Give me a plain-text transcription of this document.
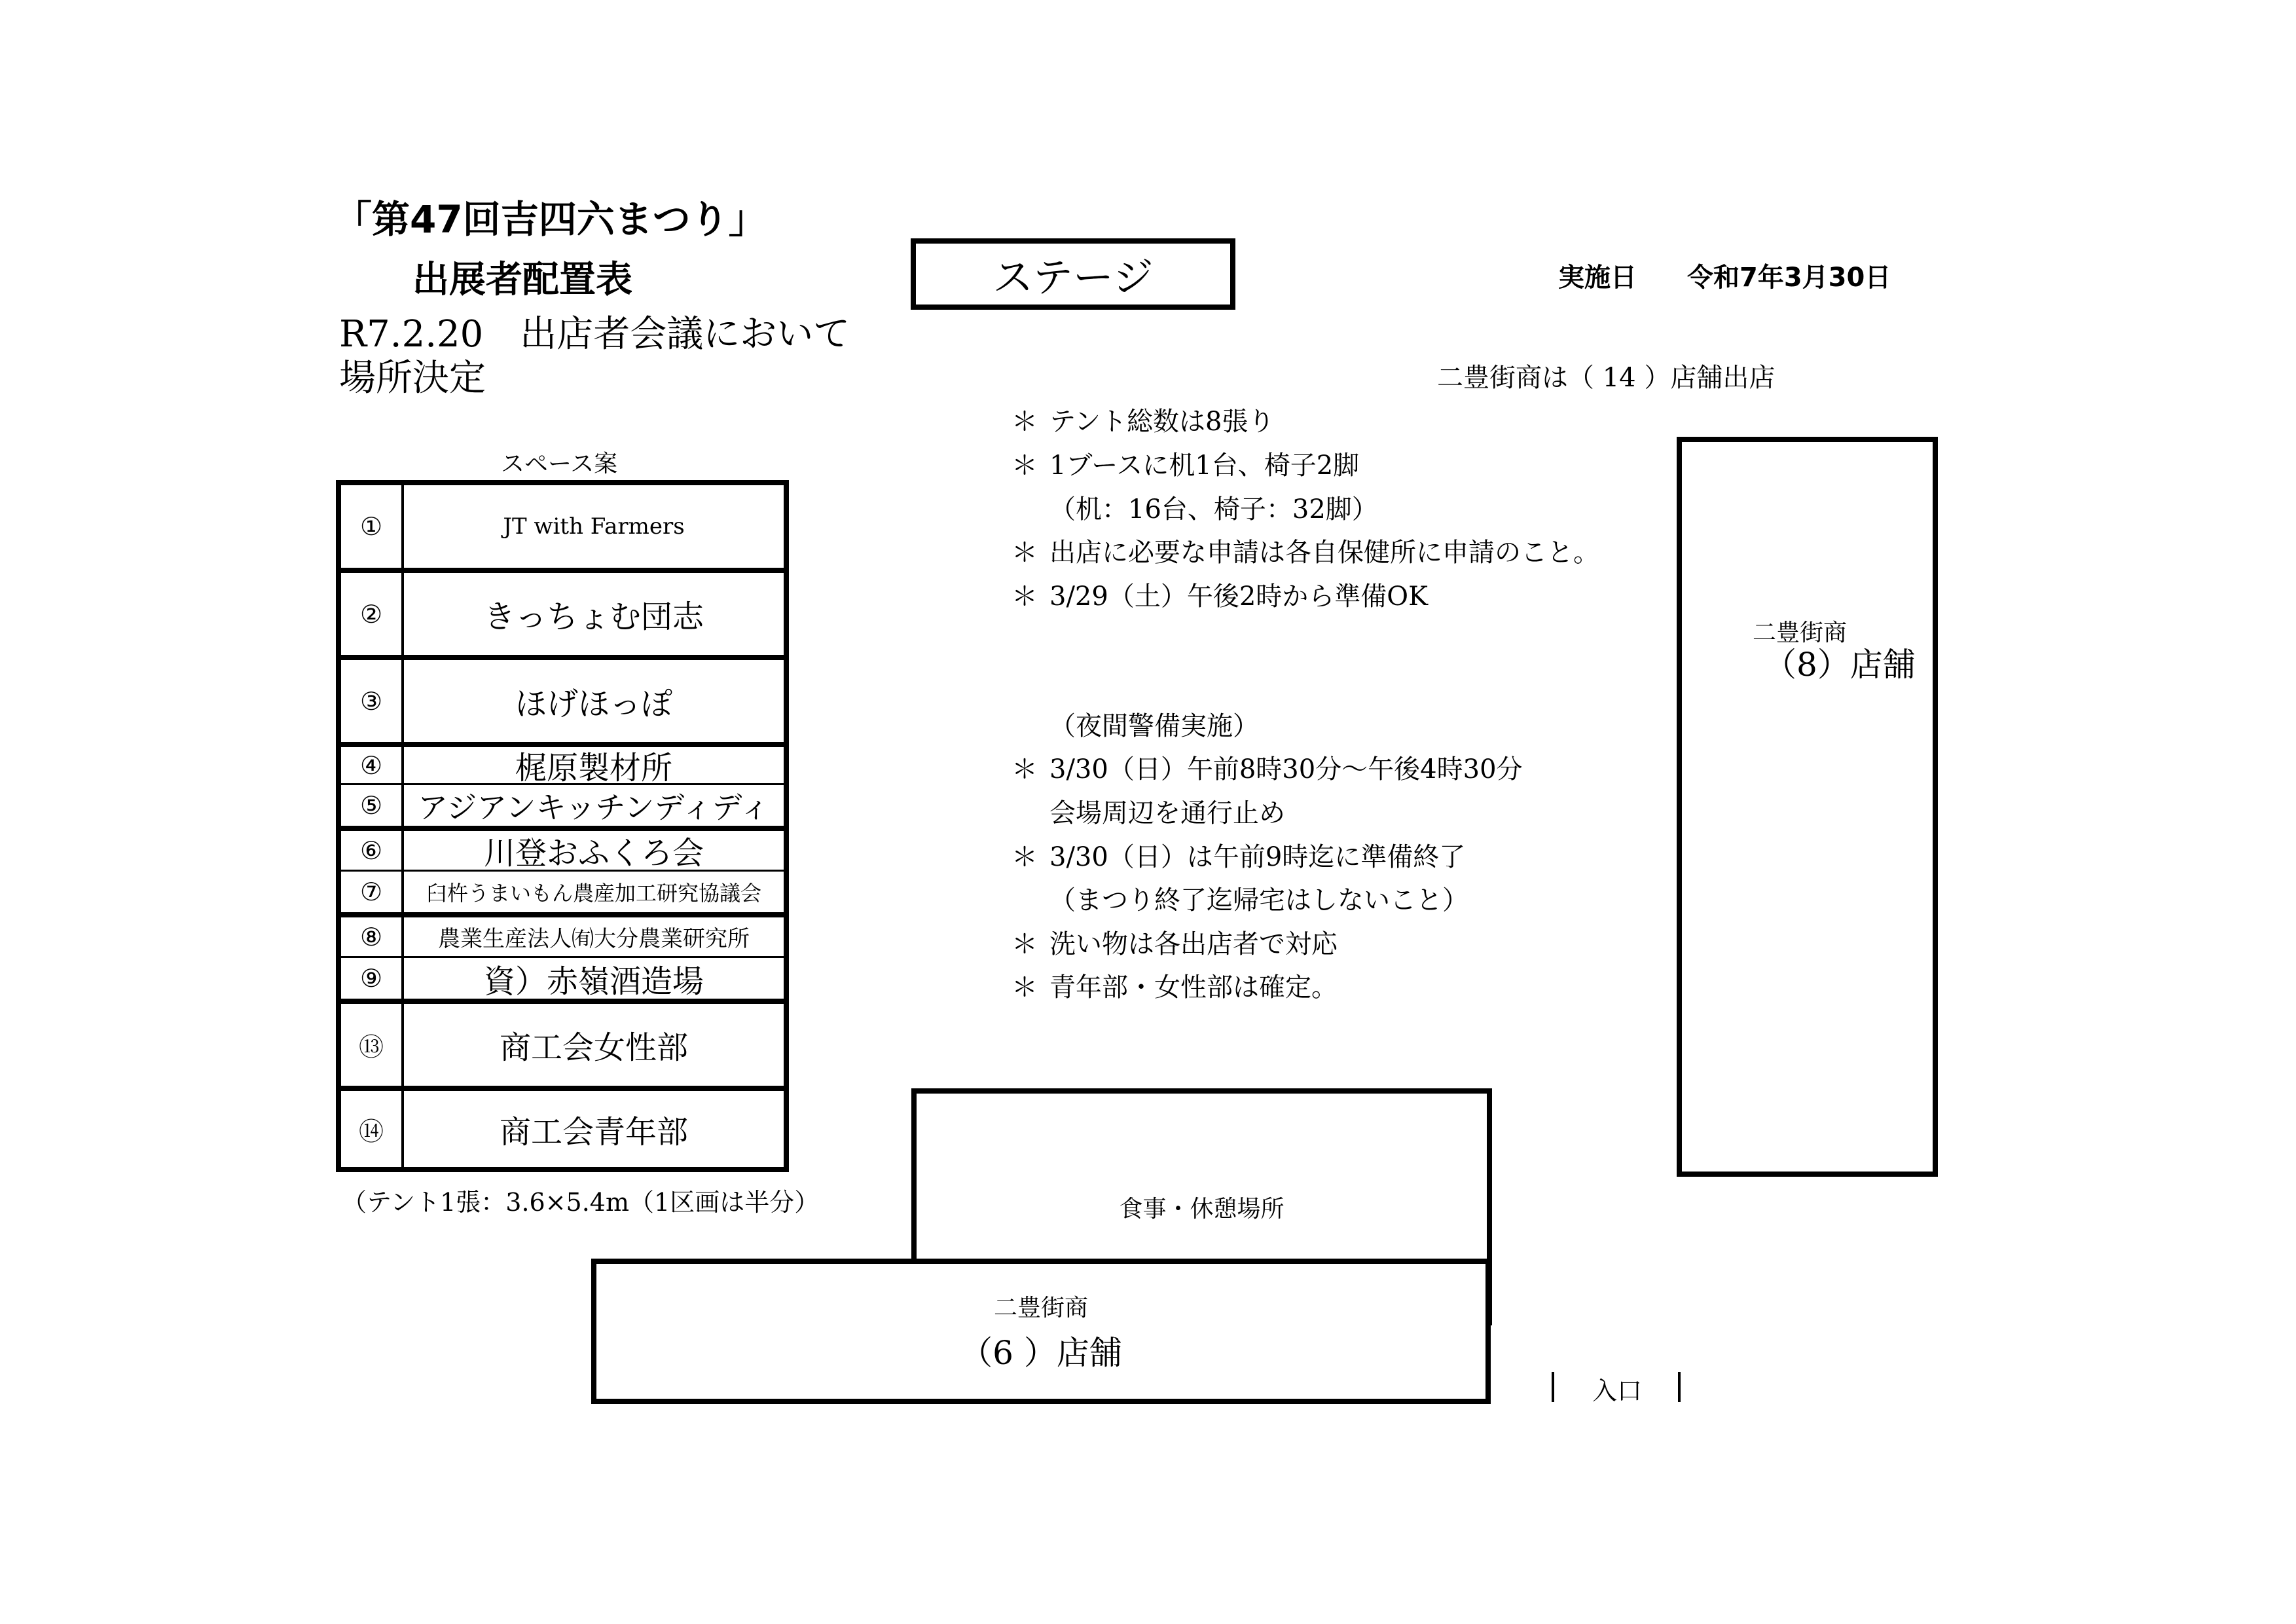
「第47回吉四六まつり」
出展者配置表
R7.2.20　出店者会議において
場所決定
ステージ	実施日 令和7年3月30日
二豊街商は（ 14 ）店舗出店
＊ テント総数は8張り
＊ 1ブースに机1台、椅子2脚
（机：16台、椅子：32脚）
＊ 出店に必要な申請は各自保健所に申請のこと。
＊ 3/29（土）午後2時から準備OK
（夜間警備実施）
＊ 3/30（日）午前8時30分～午後4時30分
会場周辺を通行止め
＊ 3/30（日）は午前9時迄に準備終了
（まつり終了迄帰宅はしないこと）
＊ 洗い物は各出店者で対応
＊ 青年部・女性部は確定。
スペース案
①	JT with Farmers
②	きっちょむ団志
③	ほげほっぽ
④	梶原製材所
⑤	アジアンキッチンディディ
⑥	川登おふくろ会
⑦	臼杵うまいもん農産加工研究協議会
⑧	農業生産法人㈲大分農業研究所
⑨	資）赤嶺酒造場
⑬	商工会女性部
⑭	商工会青年部
（テント1張：3.6×5.4m（1区画は半分）	食事・休憩場所
二豊街商
（6 ）店舗
二豊街商
（8）店舗
入口
